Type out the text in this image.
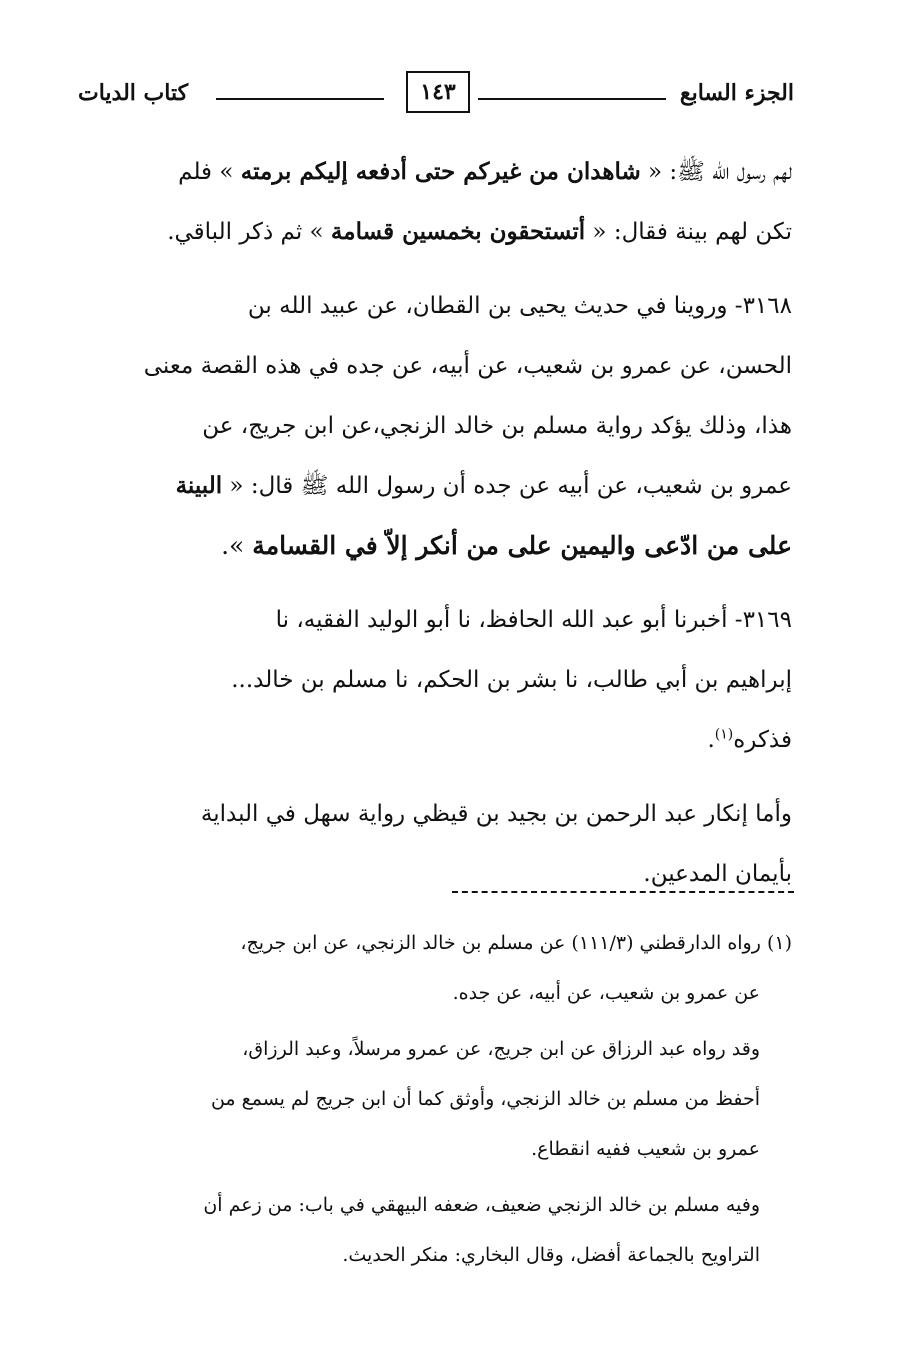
الجزء السابع
١٤٣
كتاب الديات
لهم رسول الله ﷺ: « شاهدان من غيركم حتى أدفعه إليكم برمته » فلم
تكن لهم بينة فقال: « أتستحقون بخمسين قسامة » ثم ذكر الباقي.
٣١٦٨- وروينا في حديث يحيى بن القطان، عن عبيد الله بن
الحسن، عن عمرو بن شعيب، عن أبيه، عن جده في هذه القصة معنى
هذا، وذلك يؤكد رواية مسلم بن خالد الزنجي،عن ابن جريج، عن
عمرو بن شعيب، عن أبيه عن جده أن رسول الله ﷺ قال: « البينة
على من ادّعى واليمين على من أنكر إلاّ في القسامة ».
٣١٦٩- أخبرنا أبو عبد الله الحافظ، نا أبو الوليد الفقيه، نا
إبراهيم بن أبي طالب، نا بشر بن الحكم، نا مسلم بن خالد...
فذكره$^{(١)}$.
وأما إنكار عبد الرحمن بن بجيد بن قيظي رواية سهل في البداية
بأيمان المدعين.
(١) رواه الدارقطني (١١١/٣) عن مسلم بن خالد الزنجي، عن ابن جريج،
عن عمرو بن شعيب، عن أبيه، عن جده.
وقد رواه عبد الرزاق عن ابن جريج، عن عمرو مرسلاً، وعبد الرزاق،
أحفظ من مسلم بن خالد الزنجي، وأوثق كما أن ابن جريج لم يسمع من
عمرو بن شعيب ففيه انقطاع.
وفيه مسلم بن خالد الزنجي ضعيف، ضعفه البيهقي في باب: من زعم أن
التراويح بالجماعة أفضل، وقال البخاري: منكر الحديث.
